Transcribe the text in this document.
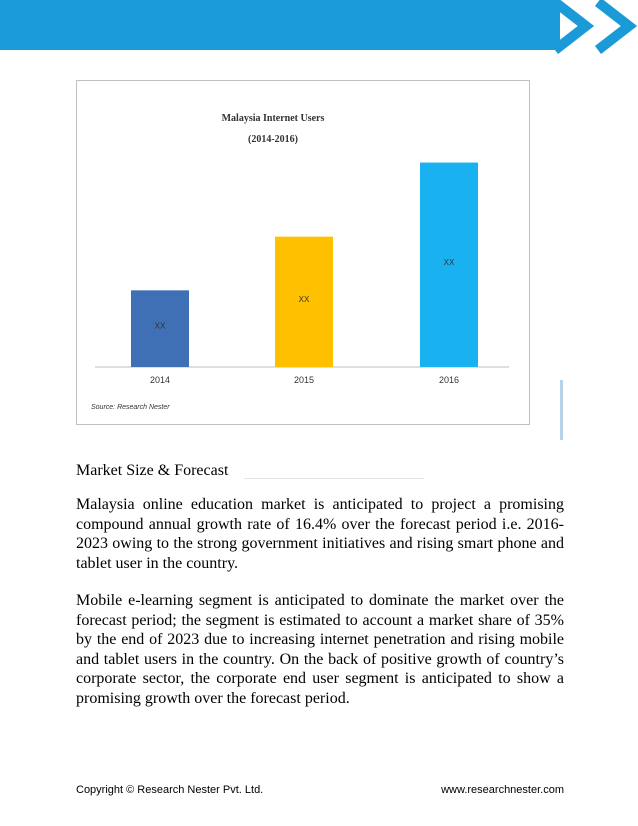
Malaysia Internet Users
(2014-2016)
XX
2014
XX
2015
XX
2016
Source: Research Nester
Market Size & Forecast

Malaysia online education market is anticipated to project a promising compound annual growth rate of 16.4% over the forecast period i.e. 2016-2023 owing to the strong government initiatives and rising smart phone and tablet user in the country.

Mobile e-learning segment is anticipated to dominate the market over the forecast period; the segment is estimated to account a market share of 35% by the end of 2023 due to increasing internet penetration and rising mobile and tablet users in the country. On the back of positive growth of country’s corporate sector, the corporate end user segment is anticipated to show a promising growth over the forecast period.

Copyright © Research Nester Pvt. Ltd.	www.researchnester.com
